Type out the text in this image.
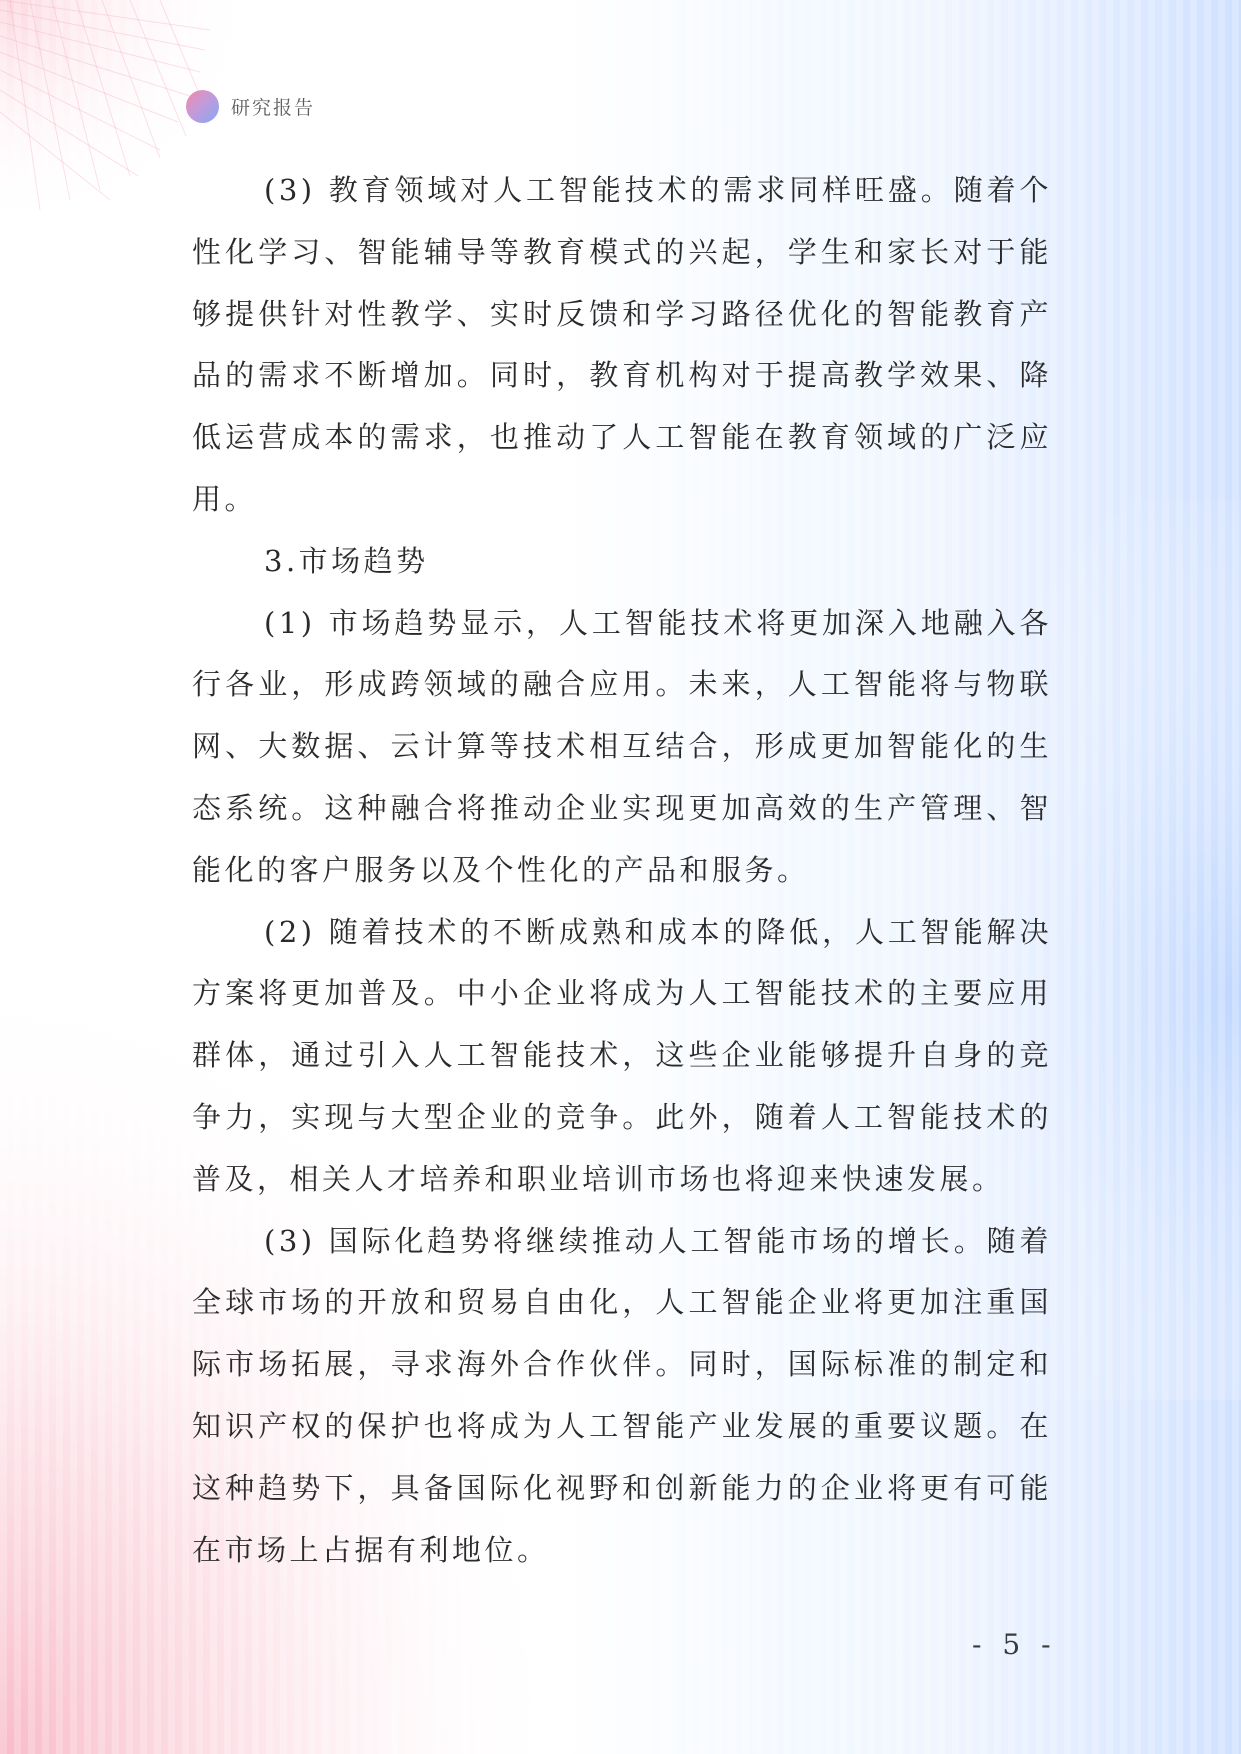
研究报告

(3) 教育领域对人工智能技术的需求同样旺盛。随着个性化学习、智能辅导等教育模式的兴起，学生和家长对于能够提供针对性教学、实时反馈和学习路径优化的智能教育产品的需求不断增加。同时，教育机构对于提高教学效果、降低运营成本的需求，也推动了人工智能在教育领域的广泛应用。

3.市场趋势

(1) 市场趋势显示，人工智能技术将更加深入地融入各行各业，形成跨领域的融合应用。未来，人工智能将与物联网、大数据、云计算等技术相互结合，形成更加智能化的生态系统。这种融合将推动企业实现更加高效的生产管理、智能化的客户服务以及个性化的产品和服务。

(2) 随着技术的不断成熟和成本的降低，人工智能解决方案将更加普及。中小企业将成为人工智能技术的主要应用群体，通过引入人工智能技术，这些企业能够提升自身的竞争力，实现与大型企业的竞争。此外，随着人工智能技术的普及，相关人才培养和职业培训市场也将迎来快速发展。

(3) 国际化趋势将继续推动人工智能市场的增长。随着全球市场的开放和贸易自由化，人工智能企业将更加注重国际市场拓展，寻求海外合作伙伴。同时，国际标准的制定和知识产权的保护也将成为人工智能产业发展的重要议题。在这种趋势下，具备国际化视野和创新能力的企业将更有可能在市场上占据有利地位。

- 5 -
